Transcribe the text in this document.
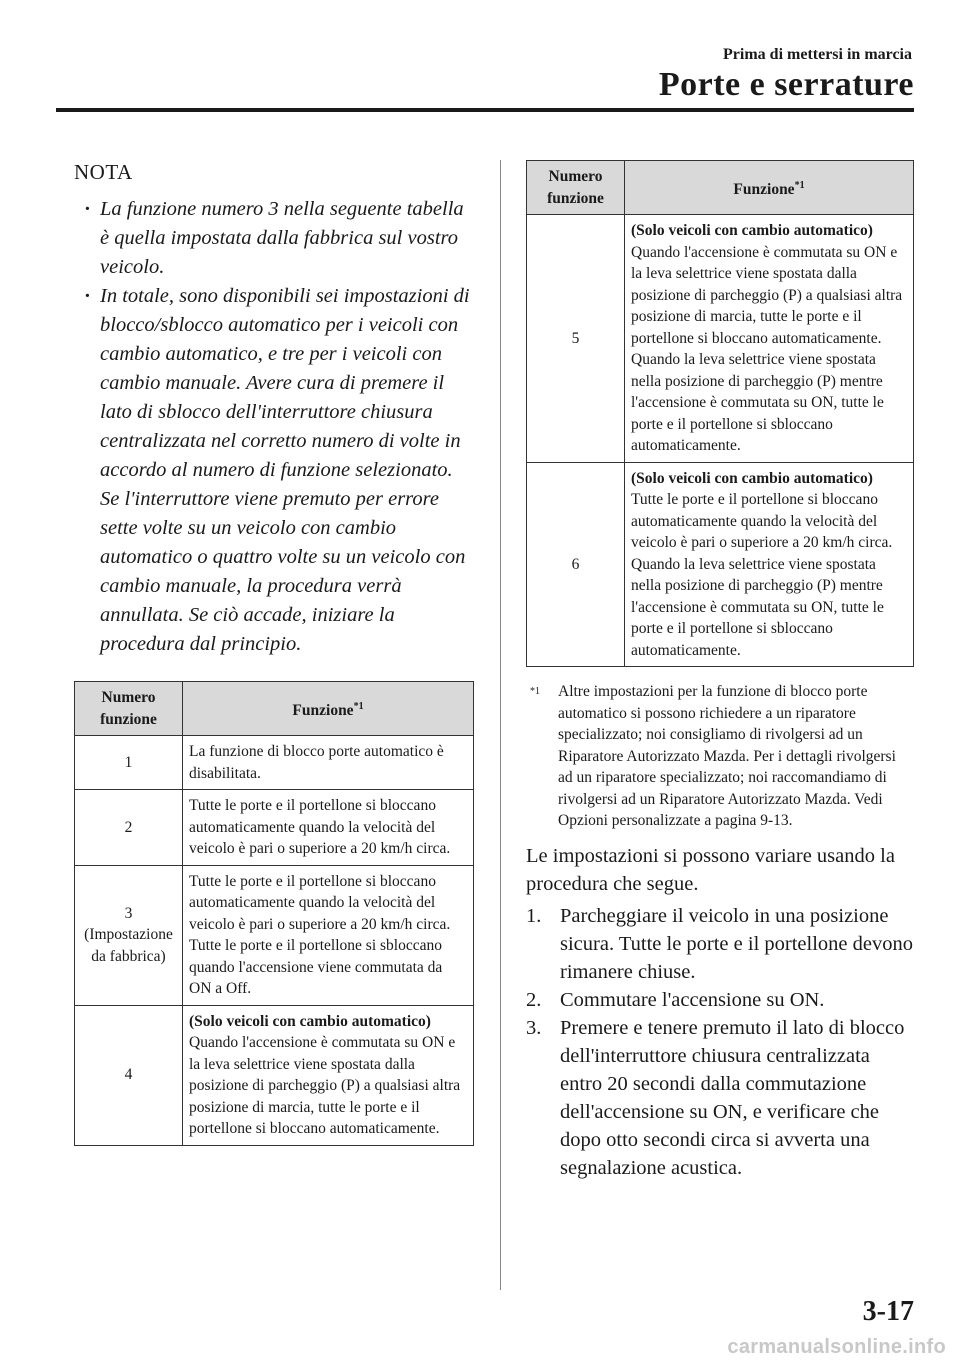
Prima di mettersi in marcia
Porte e serrature
NOTA
· La funzione numero 3 nella seguente tabella è quella impostata dalla fabbrica sul vostro veicolo.
· In totale, sono disponibili sei impostazioni di blocco/sblocco automatico per i veicoli con cambio automatico, e tre per i veicoli con cambio manuale. Avere cura di premere il lato di sblocco dell'interruttore chiusura centralizzata nel corretto numero di volte in accordo al numero di funzione selezionato. Se l'interruttore viene premuto per errore sette volte su un veicolo con cambio automatico o quattro volte su un veicolo con cambio manuale, la procedura verrà annullata. Se ciò accade, iniziare la procedura dal principio.
Numero funzione	Funzione$^{*1}$
1	La funzione di blocco porte automatico è disabilitata.

2	Tutte le porte e il portellone si bloccano automaticamente quando la velocità del veicolo è pari o superiore a 20 km/h circa.

3 (Impostazione da fabbrica)	Tutte le porte e il portellone si bloccano automaticamente quando la velocità del veicolo è pari o superiore a 20 km/h circa. Tutte le porte e il portellone si sbloccano quando l'accensione viene commutata da ON a Off.

4	(Solo veicoli con cambio automatico)
Quando l'accensione è commutata su ON e la leva selettrice viene spostata dalla posizione di parcheggio (P) a qualsiasi altra posizione di marcia, tutte le porte e il portellone si bloccano automaticamente.
Numero funzione	Funzione$^{*1}$
5	(Solo veicoli con cambio automatico)
Quando l'accensione è commutata su ON e la leva selettrice viene spostata dalla posizione di parcheggio (P) a qualsiasi altra posizione di marcia, tutte le porte e il portellone si bloccano automaticamente.
Quando la leva selettrice viene spostata nella posizione di parcheggio (P) mentre l'accensione è commutata su ON, tutte le porte e il portellone si sbloccano automaticamente.

6	(Solo veicoli con cambio automatico)
Tutte le porte e il portellone si bloccano automaticamente quando la velocità del veicolo è pari o superiore a 20 km/h circa.
Quando la leva selettrice viene spostata nella posizione di parcheggio (P) mentre l'accensione è commutata su ON, tutte le porte e il portellone si sbloccano automaticamente.
$^{*1}$ Altre impostazioni per la funzione di blocco porte automatico si possono richiedere a un riparatore specializzato; noi consigliamo di rivolgersi ad un Riparatore Autorizzato Mazda. Per i dettagli rivolgersi ad un riparatore specializzato; noi raccomandiamo di rivolgersi ad un Riparatore Autorizzato Mazda. Vedi Opzioni personalizzate a pagina 9-13.

Le impostazioni si possono variare usando la procedura che segue.

1. Parcheggiare il veicolo in una posizione sicura. Tutte le porte e il portellone devono rimanere chiuse.
2. Commutare l'accensione su ON.
3. Premere e tenere premuto il lato di blocco dell'interruttore chiusura centralizzata entro 20 secondi dalla commutazione dell'accensione su ON, e verificare che dopo otto secondi circa si avverta una segnalazione acustica.
3-17
carmanualsonline.info
